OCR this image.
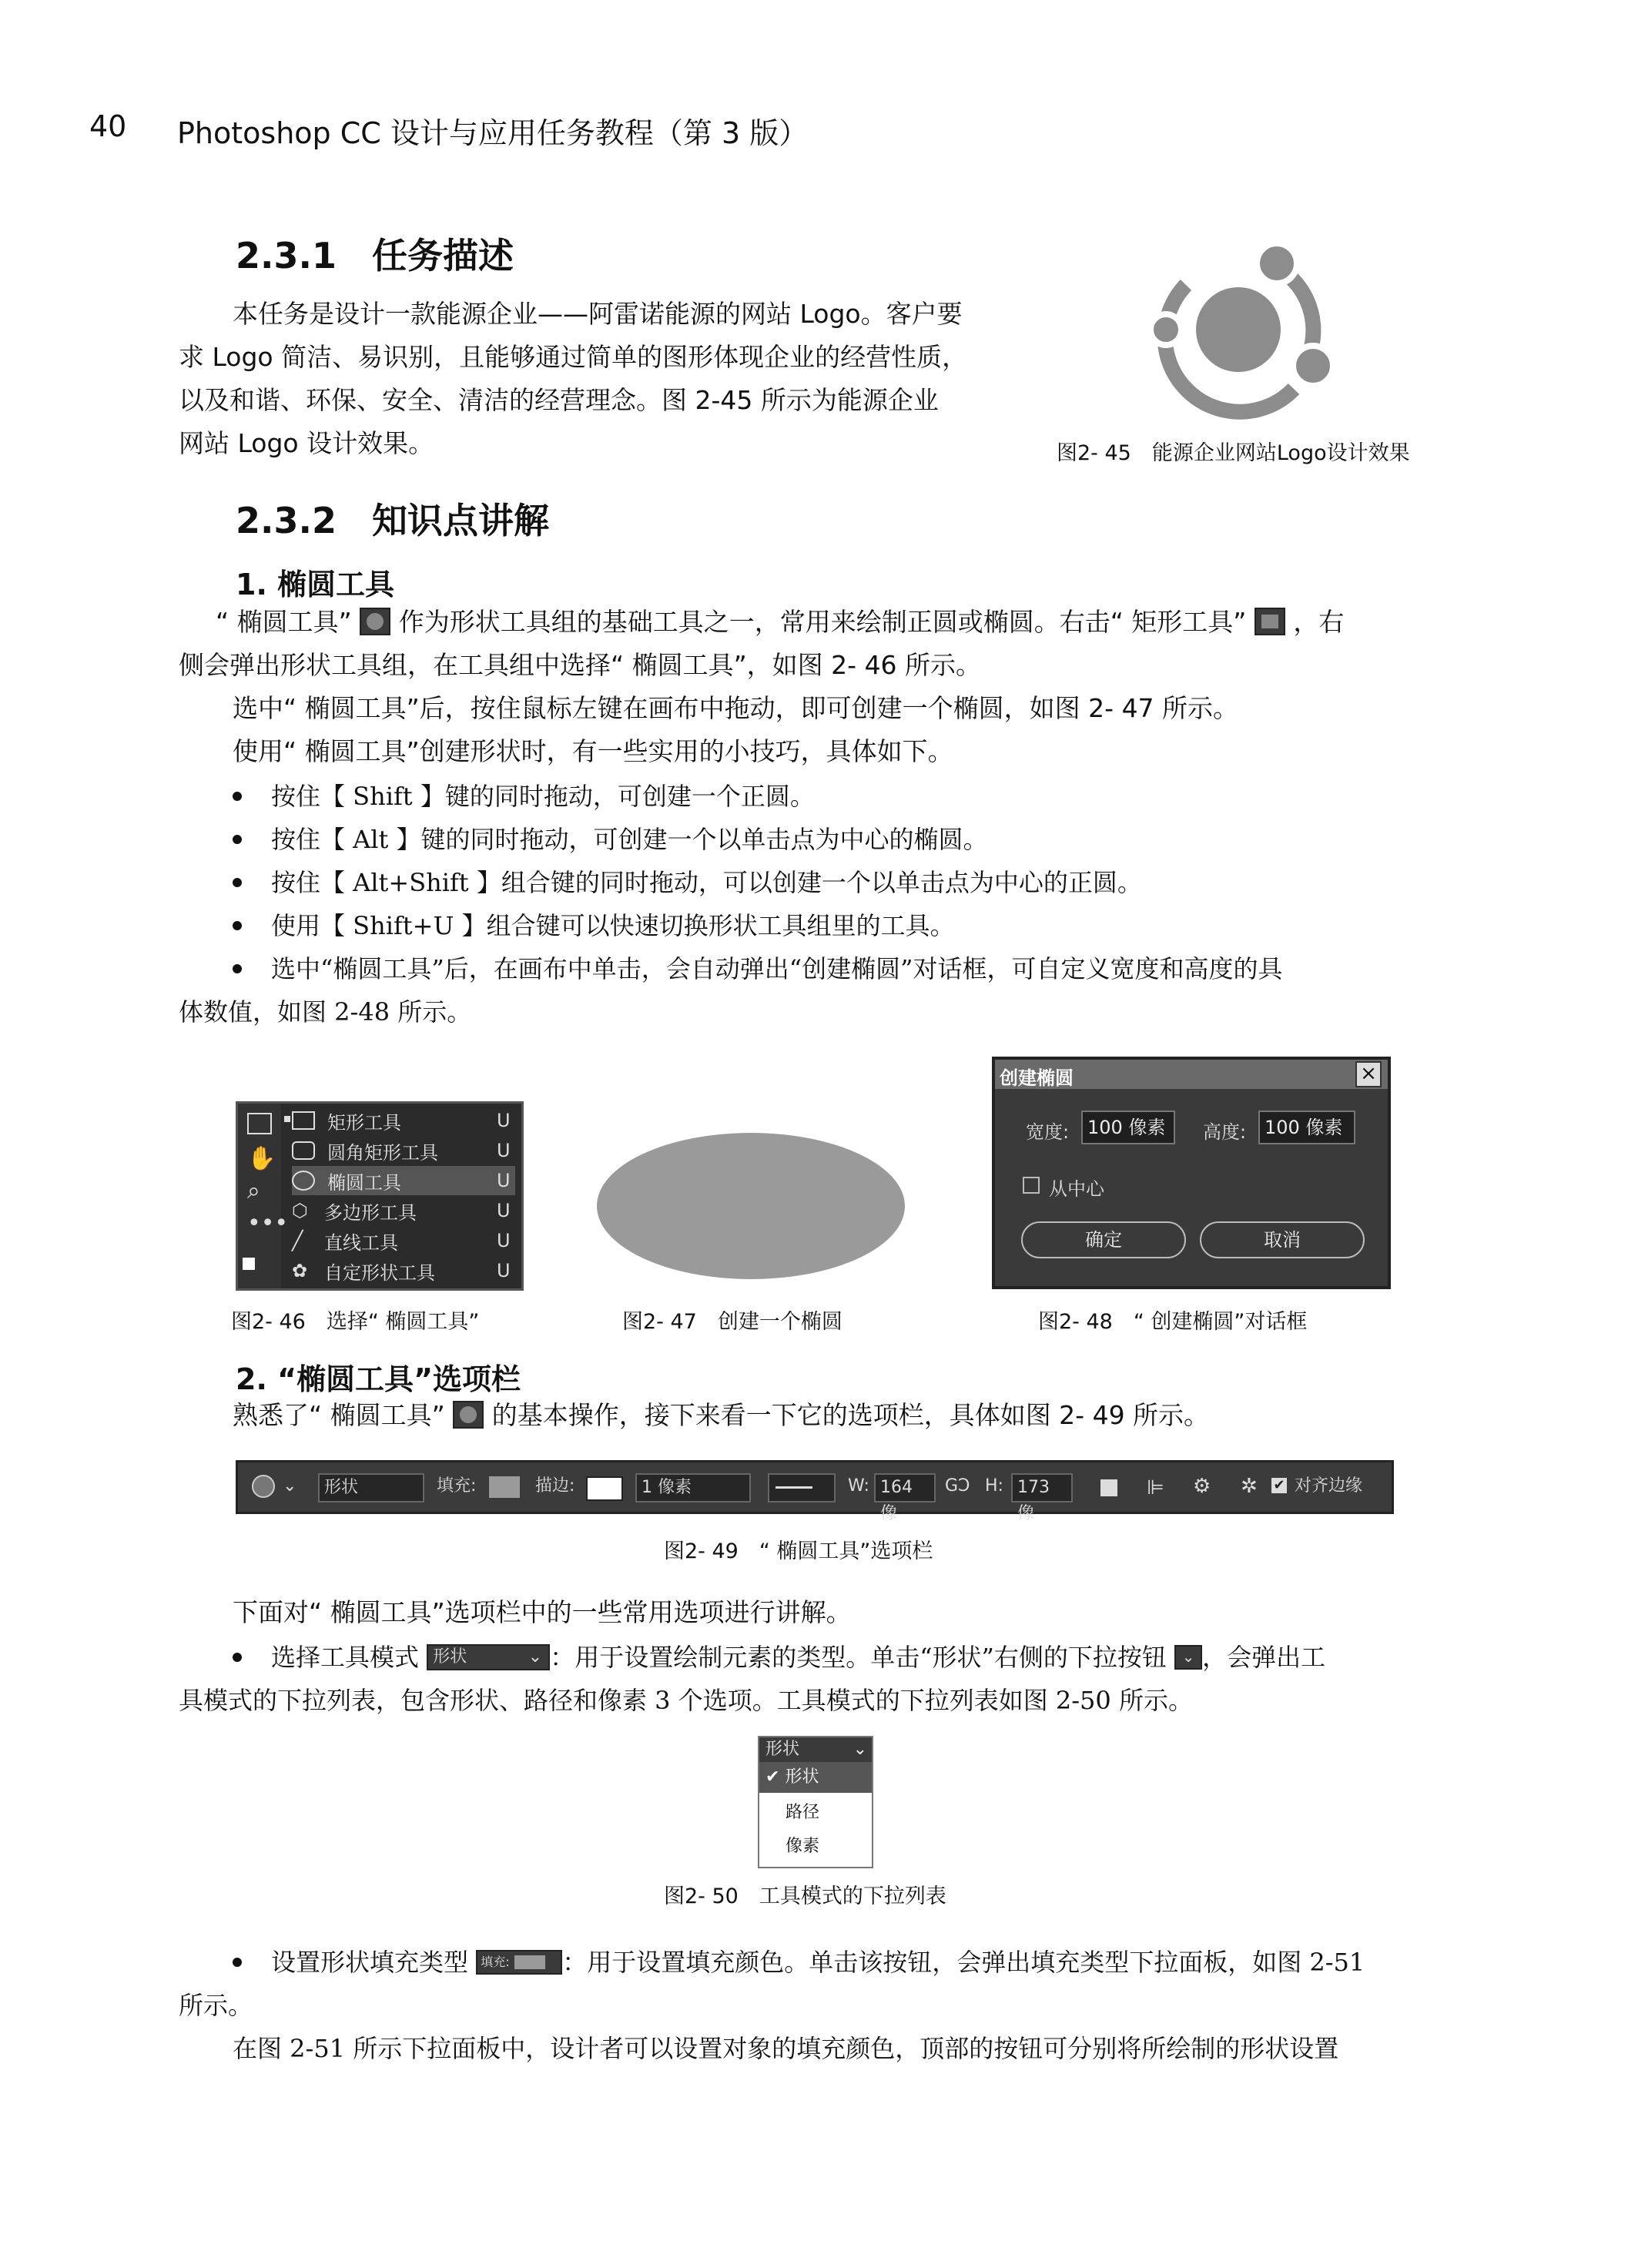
40 Photoshop CC 设计与应用任务教程（第 3 版）
2.3.1　任务描述
本任务是设计一款能源企业——阿雷诺能源的网站 Logo。客户要
求 Logo 简洁、易识别，且能够通过简单的图形体现企业的经营性质，
以及和谐、环保、安全、清洁的经营理念。图 2-45 所示为能源企业
网站 Logo 设计效果。	图2- 45　能源企业网站Logo设计效果
2.3.2　知识点讲解
1. 椭圆工具
“ 椭圆工具” 作为形状工具组的基础工具之一，常用来绘制正圆或椭圆。右击“ 矩形工具” ，右
侧会弹出形状工具组，在工具组中选择“ 椭圆工具”，如图 2- 46 所示。
选中“ 椭圆工具”后，按住鼠标左键在画布中拖动，即可创建一个椭圆，如图 2- 47 所示。
使用“ 椭圆工具”创建形状时，有一些实用的小技巧，具体如下。
按住【 Shift 】键的同时拖动，可创建一个正圆。
按住【 Alt 】键的同时拖动，可创建一个以单击点为中心的椭圆。
按住【 Alt+Shift 】组合键的同时拖动，可以创建一个以单击点为中心的正圆。
使用【 Shift+U 】组合键可以快速切换形状工具组里的工具。
选中“椭圆工具”后，在画布中单击，会自动弹出“创建椭圆”对话框，可自定义宽度和高度的具
体数值，如图 2-48 所示。
✋
⌕
•••
矩形工具	U
圆角矩形工具	U
椭圆工具	U
⬡ 多边形工具	U
╱	直线工具	U
✿ 自定形状工具	U
图2- 46　选择“ 椭圆工具”	图2- 47　创建一个椭圆
创建椭圆	×
宽度: 100 像素	高度: 100 像素
从中心
确定	取消
图2- 48　“ 创建椭圆”对话框
2. “椭圆工具”选项栏
熟悉了“ 椭圆工具” 的基本操作，接下来看一下它的选项栏，具体如图 2- 49 所示。
⌄	形状	填充:	描边:	1 像素	W: 164 像
GƆ H: 173 像
⊫ ⚙ ✲ ✔ 对齐边缘
图2- 49　“ 椭圆工具”选项栏
下面对“ 椭圆工具”选项栏中的一些常用选项进行讲解。
选择工具模式 形状	⌄ ：用于设置绘制元素的类型。单击“形状”右侧的下拉按钮 ⌄ ，会弹出工
具模式的下拉列表，包含形状、路径和像素 3 个选项。工具模式的下拉列表如图 2-50 所示。
形状	⌄
✔ 形状
路径
像素
图2- 50　工具模式的下拉列表
设置形状填充类型 填充: ：用于设置填充颜色。单击该按钮，会弹出填充类型下拉面板，如图 2-51
所示。
在图 2-51 所示下拉面板中，设计者可以设置对象的填充颜色，顶部的按钮可分别将所绘制的形状设置
